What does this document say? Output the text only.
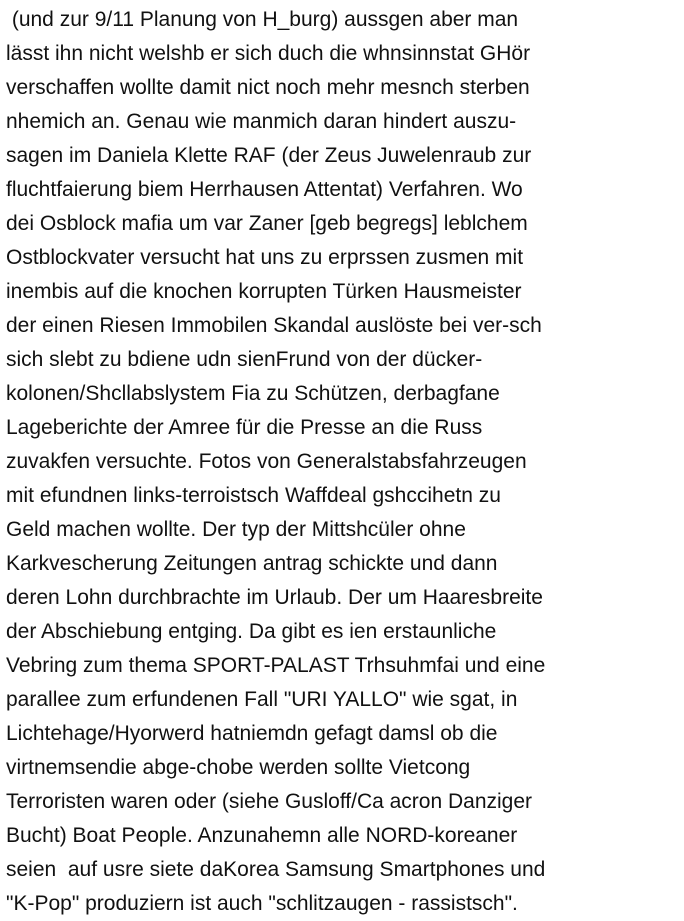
(und zur 9/11 Planung von H_burg) aussgen aber man
lässt ihn nicht welshb er sich duch die whnsinnstat GHör
verschaffen wollte damit nict noch mehr mesnch sterben
nhemich an. Genau wie manmich daran hindert auszu-
sagen im Daniela Klette RAF (der Zeus Juwelenraub zur
fluchtfaierung biem Herrhausen Attentat) Verfahren. Wo
dei Osblock mafia um var Zaner [geb begregs] leblchem
Ostblockvater versucht hat uns zu erprssen zusmen mit
inembis auf die knochen korrupten Türken Hausmeister
der einen Riesen Immobilen Skandal auslöste bei ver-sch
sich slebt zu bdiene udn sienFrund von der dücker-
kolonen/Shcllabslystem Fia zu Schützen, derbagfane
Lageberichte der Amree für die Presse an die Russ
zuvakfen versuchte. Fotos von Generalstabsfahrzeugen
mit efundnen links-terroistsch Waffdeal gshccihetn zu
Geld machen wollte. Der typ der Mittshcüler ohne
Karkvescherung Zeitungen antrag schickte und dann
deren Lohn durchbrachte im Urlaub. Der um Haaresbreite
der Abschiebung entging. Da gibt es ien erstaunliche
Vebring zum thema SPORT-PALAST Trhsuhmfai und eine
parallee zum erfundenen Fall "URI YALLO" wie sgat, in
Lichtehage/Hyorwerd hatniemdn gefagt damsl ob die
virtnemsendie abge-chobe werden sollte Vietcong
Terroristen waren oder (siehe Gusloff/Ca acron Danziger
Bucht) Boat People. Anzunahemn alle NORD-koreaner
seien  auf usre siete daKorea Samsung Smartphones und
"K-Pop" produziern ist auch "schlitzaugen - rassistsch".
